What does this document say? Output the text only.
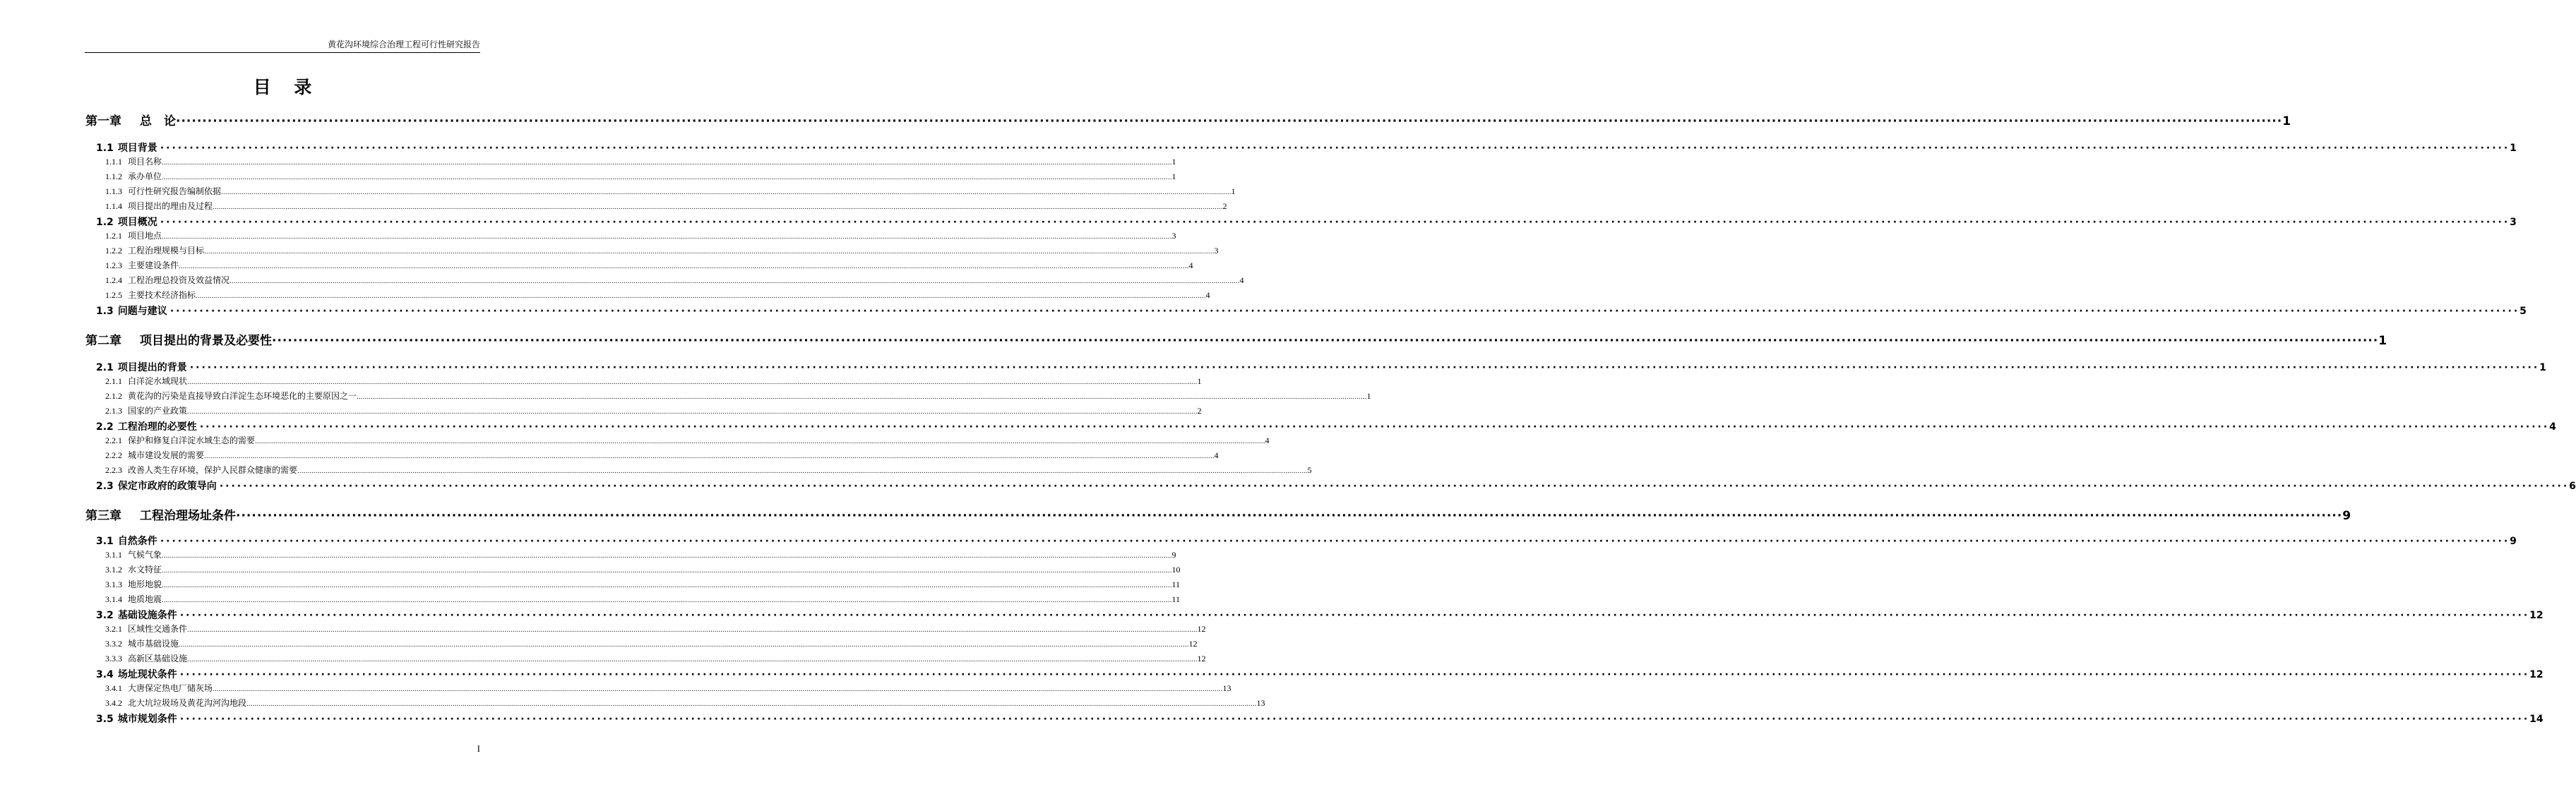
黄花沟环境综合治理工程可行性研究报告
目 录
第一章 总　论 ················································································································································································································································································································································································································ 1
1.1 项目背景 ················································································································································································································································································································································································································ 1
1.1.1 项目名称 .................................................................................................................................................................................................................................................................................................................................................................................................................................................................................................................... 1
1.1.2 承办单位 .................................................................................................................................................................................................................................................................................................................................................................................................................................................................................................................... 1
1.1.3 可行性研究报告编制依据 .................................................................................................................................................................................................................................................................................................................................................................................................................................................................................................................... 1
1.1.4 项目提出的理由及过程 .................................................................................................................................................................................................................................................................................................................................................................................................................................................................................................................... 2
1.2 项目概况 ················································································································································································································································································································································································································ 3
1.2.1 项目地点 .................................................................................................................................................................................................................................................................................................................................................................................................................................................................................................................... 3
1.2.2 工程治理规模与目标 .................................................................................................................................................................................................................................................................................................................................................................................................................................................................................................................... 3
1.2.3 主要建设条件 .................................................................................................................................................................................................................................................................................................................................................................................................................................................................................................................... 4
1.2.4 工程治理总投资及效益情况 .................................................................................................................................................................................................................................................................................................................................................................................................................................................................................................................... 4
1.2.5 主要技术经济指标 .................................................................................................................................................................................................................................................................................................................................................................................................................................................................................................................... 4
1.3 问题与建议 ················································································································································································································································································································································································································ 5
第二章 项目提出的背景及必要性 ················································································································································································································································································································································································································ 1
2.1 项目提出的背景 ················································································································································································································································································································································································································ 1
2.1.1 白洋淀水域现状 .................................................................................................................................................................................................................................................................................................................................................................................................................................................................................................................... 1
2.1.2 黄花沟的污染是直接导致白洋淀生态环境恶化的主要原因之一 .................................................................................................................................................................................................................................................................................................................................................................................................................................................................................................................... 1
2.1.3 国家的产业政策 .................................................................................................................................................................................................................................................................................................................................................................................................................................................................................................................... 2
2.2 工程治理的必要性 ················································································································································································································································································································································································································ 4
2.2.1 保护和修复白洋淀水域生态的需要 .................................................................................................................................................................................................................................................................................................................................................................................................................................................................................................................... 4
2.2.2 城市建设发展的需要 .................................................................................................................................................................................................................................................................................................................................................................................................................................................................................................................... 4
2.2.3 改善人类生存环境，保护人民群众健康的需要 .................................................................................................................................................................................................................................................................................................................................................................................................................................................................................................................... 5
2.3 保定市政府的政策导向 ················································································································································································································································································································································································································ 6
第三章 工程治理场址条件 ················································································································································································································································································································································································································ 9
3.1 自然条件 ················································································································································································································································································································································································································ 9
3.1.1 气候气象 .................................................................................................................................................................................................................................................................................................................................................................................................................................................................................................................... 9
3.1.2 水文特征 .................................................................................................................................................................................................................................................................................................................................................................................................................................................................................................................... 10
3.1.3 地形地貌 .................................................................................................................................................................................................................................................................................................................................................................................................................................................................................................................... 11
3.1.4 地质地震 .................................................................................................................................................................................................................................................................................................................................................................................................................................................................................................................... 11
3.2 基础设施条件 ················································································································································································································································································································································································································ 12
3.2.1 区域性交通条件 .................................................................................................................................................................................................................................................................................................................................................................................................................................................................................................................... 12
3.3.2 城市基础设施 .................................................................................................................................................................................................................................................................................................................................................................................................................................................................................................................... 12
3.3.3 高新区基础设施 .................................................................................................................................................................................................................................................................................................................................................................................................................................................................................................................... 12
3.4 场址现状条件 ················································································································································································································································································································································································································ 12
3.4.1 大唐保定热电厂储灰场 .................................................................................................................................................................................................................................................................................................................................................................................................................................................................................................................... 13
3.4.2 北大坑垃圾场及黄花沟河沟地段 .................................................................................................................................................................................................................................................................................................................................................................................................................................................................................................................... 13
3.5 城市规划条件 ················································································································································································································································································································································································································ 14
I
